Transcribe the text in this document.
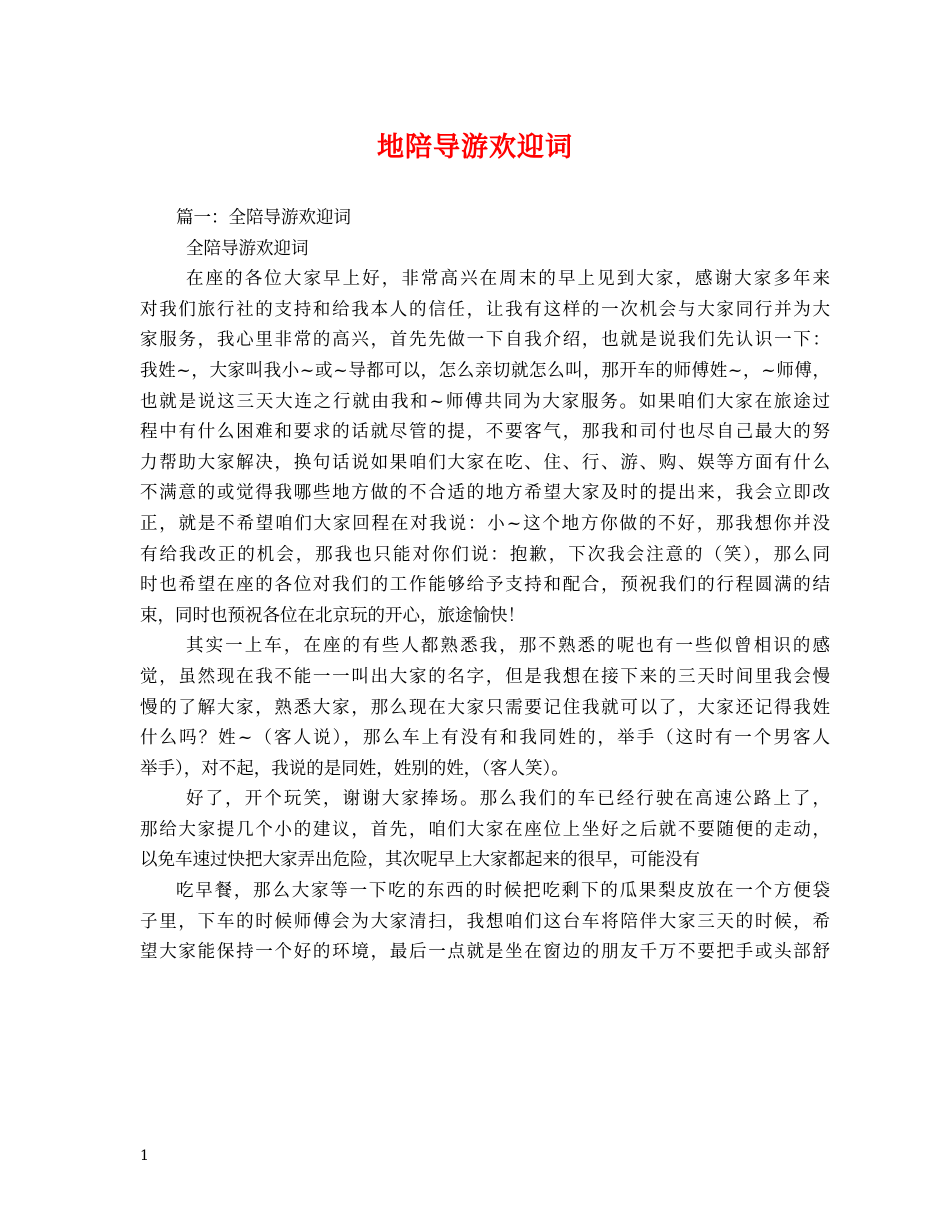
地陪导游欢迎词
篇一：全陪导游欢迎词
全陪导游欢迎词
在座的各位大家早上好，非常高兴在周末的早上见到大家，感谢大家多年来
对我们旅行社的支持和给我本人的信任，让我有这样的一次机会与大家同行并为大
家服务，我心里非常的高兴，首先先做一下自我介绍，也就是说我们先认识一下：
我姓~，大家叫我小~或~导都可以，怎么亲切就怎么叫，那开车的师傅姓~，~师傅，
也就是说这三天大连之行就由我和~师傅共同为大家服务。如果咱们大家在旅途过
程中有什么困难和要求的话就尽管的提，不要客气，那我和司付也尽自己最大的努
力帮助大家解决，换句话说如果咱们大家在吃、住、行、游、购、娱等方面有什么
不满意的或觉得我哪些地方做的不合适的地方希望大家及时的提出来，我会立即改
正，就是不希望咱们大家回程在对我说：小~这个地方你做的不好，那我想你并没
有给我改正的机会，那我也只能对你们说：抱歉，下次我会注意的（笑），那么同
时也希望在座的各位对我们的工作能够给予支持和配合，预祝我们的行程圆满的结
束，同时也预祝各位在北京玩的开心，旅途愉快！
其实一上车，在座的有些人都熟悉我，那不熟悉的呢也有一些似曾相识的感
觉，虽然现在我不能一一叫出大家的名字，但是我想在接下来的三天时间里我会慢
慢的了解大家，熟悉大家，那么现在大家只需要记住我就可以了，大家还记得我姓
什么吗？姓~（客人说），那么车上有没有和我同姓的，举手（这时有一个男客人
举手），对不起，我说的是同姓，姓别的姓，（客人笑）。
好了，开个玩笑，谢谢大家捧场。那么我们的车已经行驶在高速公路上了，
那给大家提几个小的建议，首先，咱们大家在座位上坐好之后就不要随便的走动，
以免车速过快把大家弄出危险，其次呢早上大家都起来的很早，可能没有
吃早餐，那么大家等一下吃的东西的时候把吃剩下的瓜果梨皮放在一个方便袋
子里，下车的时候师傅会为大家清扫，我想咱们这台车将陪伴大家三天的时候，希
望大家能保持一个好的环境，最后一点就是坐在窗边的朋友千万不要把手或头部舒
1
